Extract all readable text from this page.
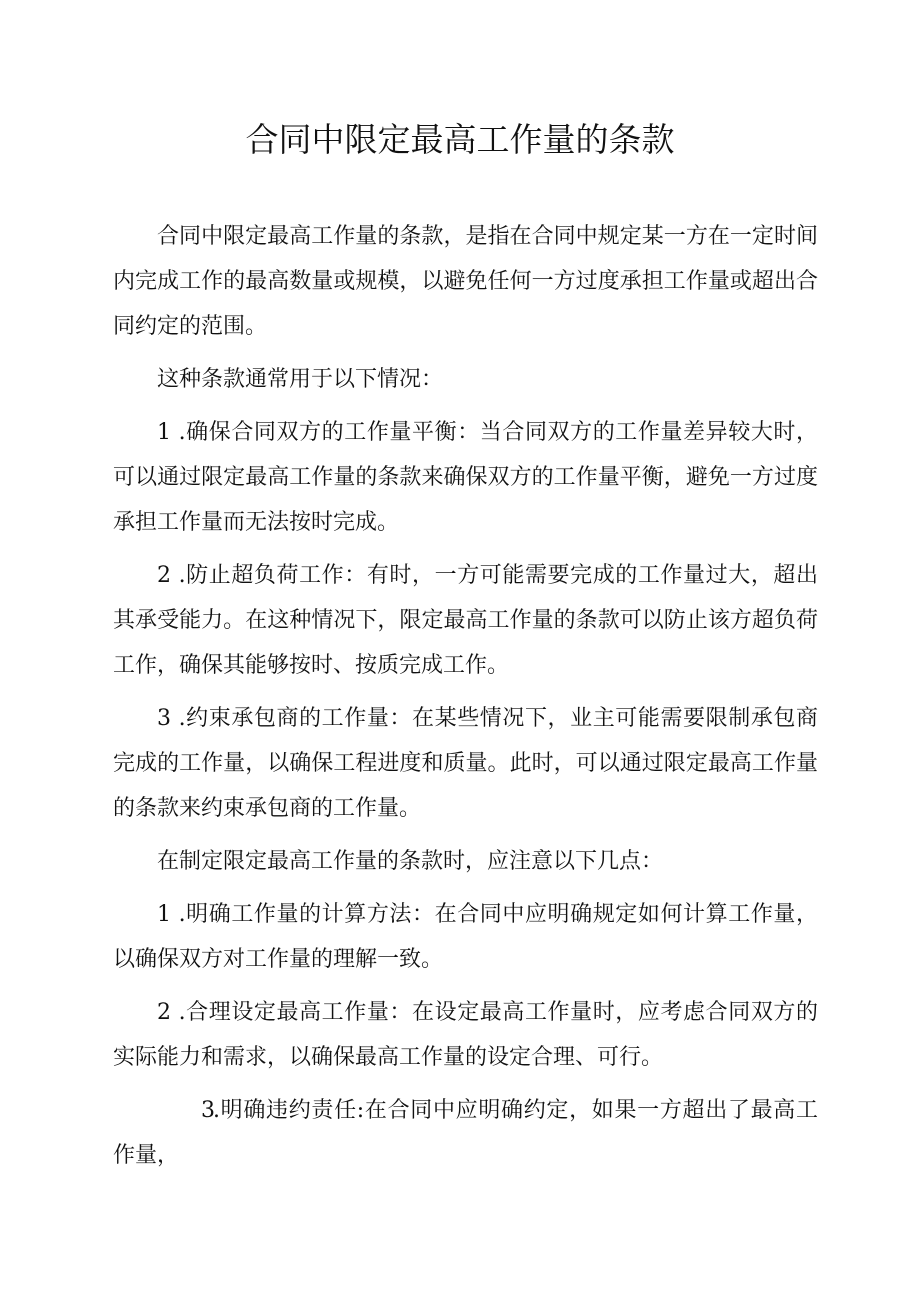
合同中限定最高工作量的条款

合同中限定最高工作量的条款，是指在合同中规定某一方在一定时间内完成工作的最高数量或规模，以避免任何一方过度承担工作量或超出合同约定的范围。

这种条款通常用于以下情况：

1 .确保合同双方的工作量平衡：当合同双方的工作量差异较大时，可以通过限定最高工作量的条款来确保双方的工作量平衡，避免一方过度承担工作量而无法按时完成。

2 .防止超负荷工作：有时，一方可能需要完成的工作量过大，超出其承受能力。在这种情况下，限定最高工作量的条款可以防止该方超负荷工作，确保其能够按时、按质完成工作。

3 .约束承包商的工作量：在某些情况下，业主可能需要限制承包商完成的工作量，以确保工程进度和质量。此时，可以通过限定最高工作量的条款来约束承包商的工作量。

在制定限定最高工作量的条款时，应注意以下几点：

1 .明确工作量的计算方法：在合同中应明确规定如何计算工作量，以确保双方对工作量的理解一致。

2 .合理设定最高工作量：在设定最高工作量时，应考虑合同双方的实际能力和需求，以确保最高工作量的设定合理、可行。

3.明确违约责任:在合同中应明确约定，如果一方超出了最高工作量，
